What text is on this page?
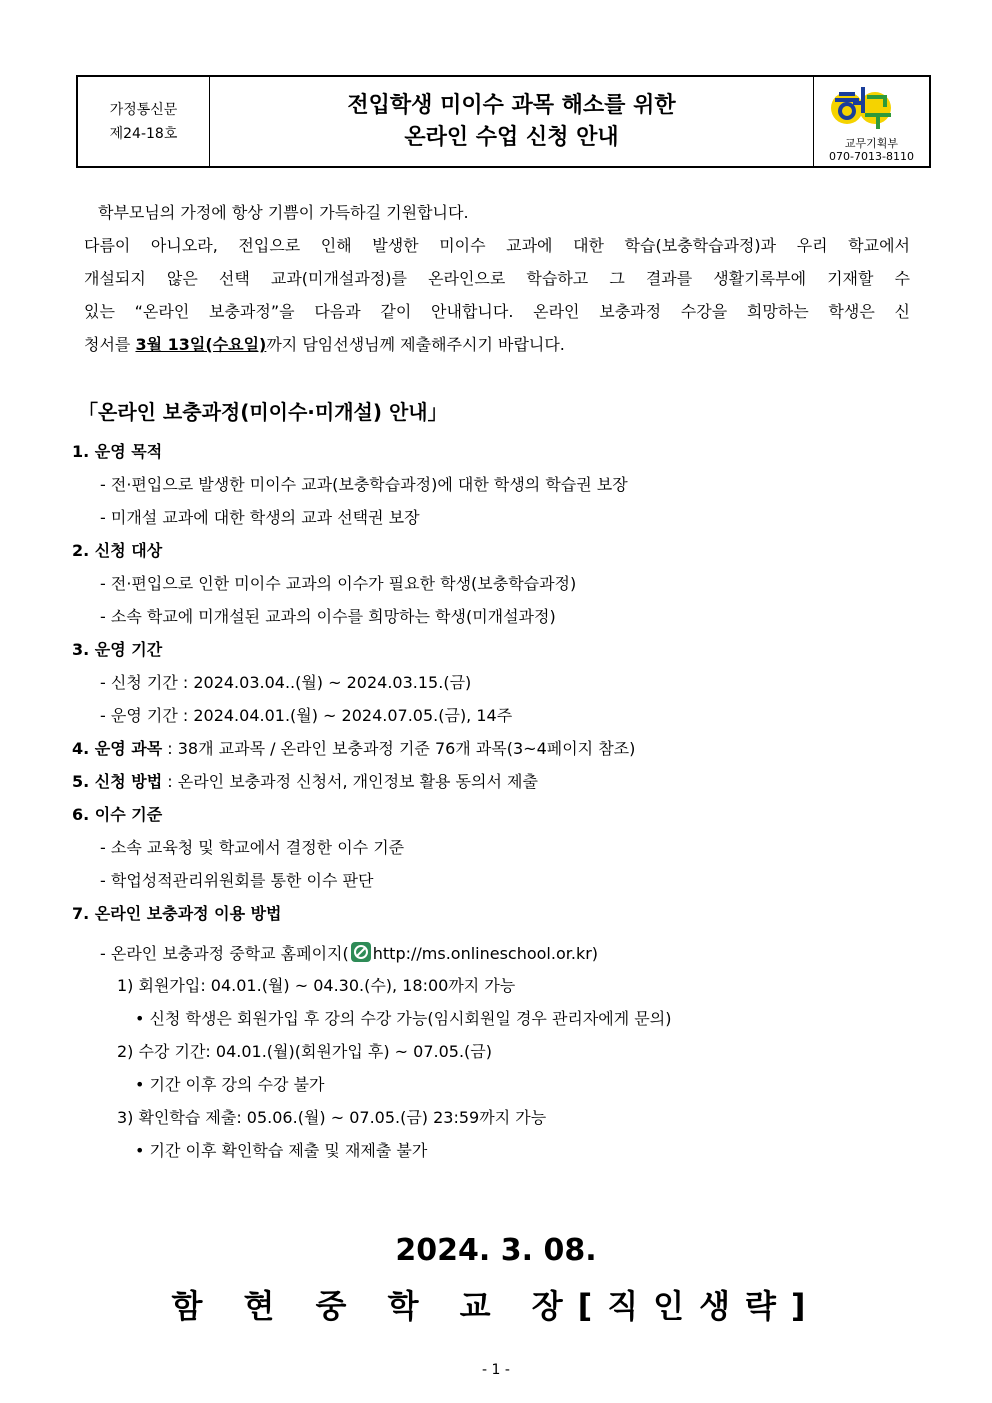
가정통신문
제24-18호
전입학생 미이수 과목 해소를 위한
온라인 수업 신청 안내	교무기획부
070-7013-8110

학부모님의 가정에 항상 기쁨이 가득하길 기원합니다.

다름이 아니오라, 전입으로 인해 발생한 미이수 교과에 대한 학습(보충학습과정)과 우리 학교에서

개설되지 않은 선택 교과(미개설과정)를 온라인으로 학습하고 그 결과를 생활기록부에 기재할 수

있는 “온라인 보충과정”을 다음과 같이 안내합니다. 온라인 보충과정 수강을 희망하는 학생은 신

청서를 3월 13일(수요일)까지 담임선생님께 제출해주시기 바랍니다.

「온라인 보충과정(미이수·미개설) 안내」
1. 운영 목적
- 전·편입으로 발생한 미이수 교과(보충학습과정)에 대한 학생의 학습권 보장
- 미개설 교과에 대한 학생의 교과 선택권 보장
2. 신청 대상
- 전·편입으로 인한 미이수 교과의 이수가 필요한 학생(보충학습과정)
- 소속 학교에 미개설된 교과의 이수를 희망하는 학생(미개설과정)
3. 운영 기간
- 신청 기간 : 2024.03.04..(월) ~ 2024.03.15.(금)
- 운영 기간 : 2024.04.01.(월) ~ 2024.07.05.(금), 14주
4. 운영 과목 : 38개 교과목 / 온라인 보충과정 기준 76개 과목(3~4페이지 참조)
5. 신청 방법 : 온라인 보충과정 신청서, 개인정보 활용 동의서 제출
6. 이수 기준
- 소속 교육청 및 학교에서 결정한 이수 기준
- 학업성적관리위원회를 통한 이수 판단
7. 온라인 보충과정 이용 방법
- 온라인 보충과정 중학교 홈페이지( http://ms.onlineschool.or.kr)
1) 회원가입: 04.01.(월) ~ 04.30.(수), 18:00까지 가능
• 신청 학생은 회원가입 후 강의 수강 가능(임시회원일 경우 관리자에게 문의)
2) 수강 기간: 04.01.(월)(회원가입 후) ~ 07.05.(금)
• 기간 이후 강의 수강 불가
3) 확인학습 제출: 05.06.(월) ~ 07.05.(금) 23:59까지 가능
• 기간 이후 확인학습 제출 및 재제출 불가
2024. 3. 08.
함 현 중 학 교 장[직인생략]
- 1 -
